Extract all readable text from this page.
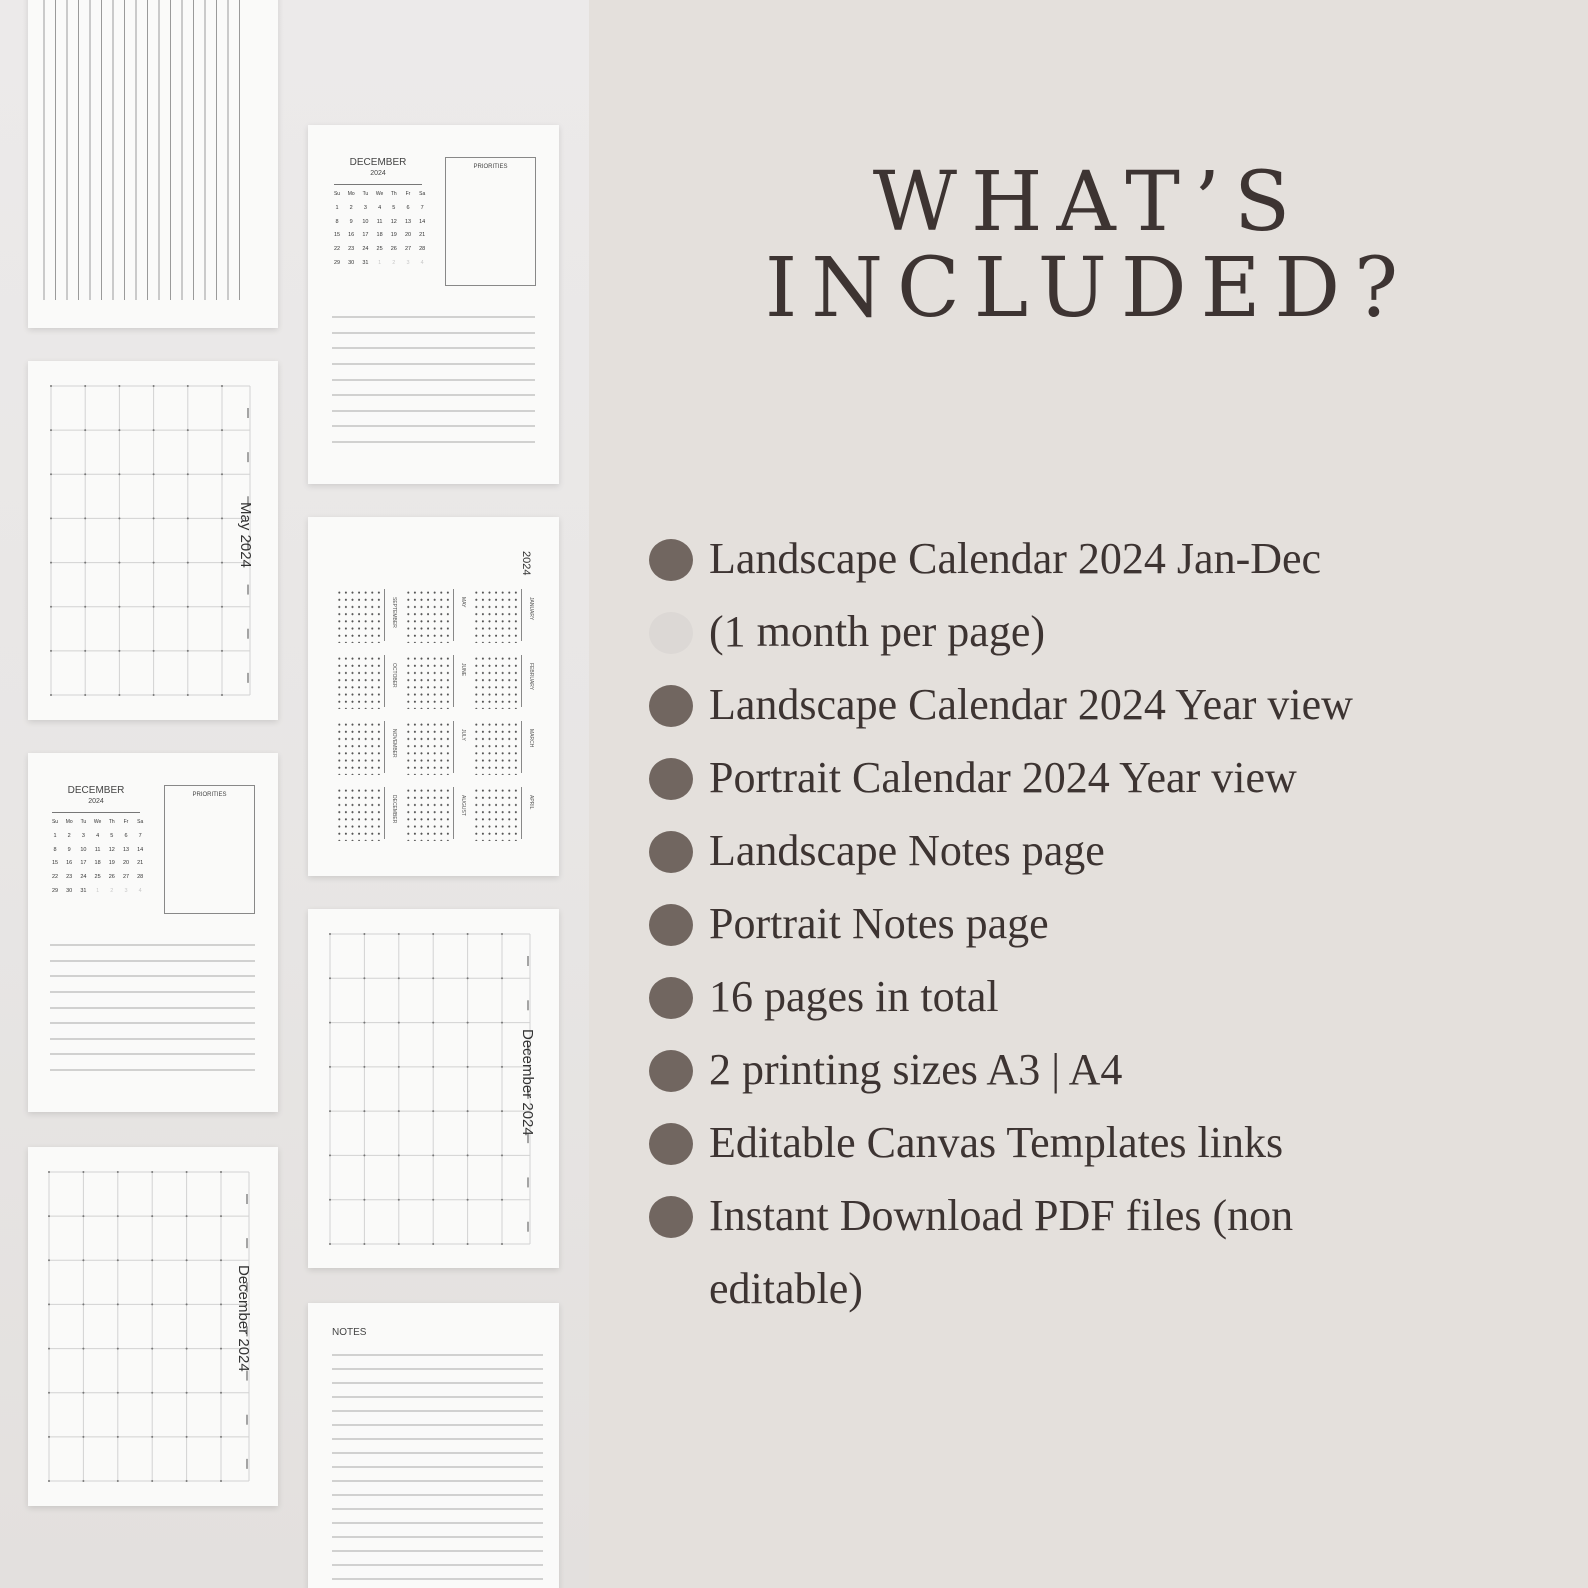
DECEMBER
2024
Su	Mo	Tu	We	Th	Fr	Sa
1	2	3	4	5	6	7
8	9	10	11	12	13	14
15	16	17	18	19	20	21
22	23	24	25	26	27	28
29	30	31	1	2	3	4
PRIORITIES
May 2024	2024
JANUARY
FEBRUARY
MARCH
APRIL
MAY
JUNE
JULY
AUGUST
SEPTEMBER
OCTOBER
NOVEMBER
DECEMBER
DECEMBER
2024
Su	Mo	Tu	We	Th	Fr	Sa
1	2	3	4	5	6	7
8	9	10	11	12	13	14
15	16	17	18	19	20	21
22	23	24	25	26	27	28
29	30	31	1	2	3	4
PRIORITIES
December 2024
December 2024	NOTES
WHAT’S
INCLUDED?
Landscape Calendar 2024 Jan-Dec
(1 month per page)
Landscape Calendar 2024 Year view
Portrait Calendar 2024 Year view
Landscape Notes page
Portrait Notes page
16 pages in total
2 printing sizes A3 | A4
Editable Canvas Templates links
Instant Download PDF files (non
editable)
